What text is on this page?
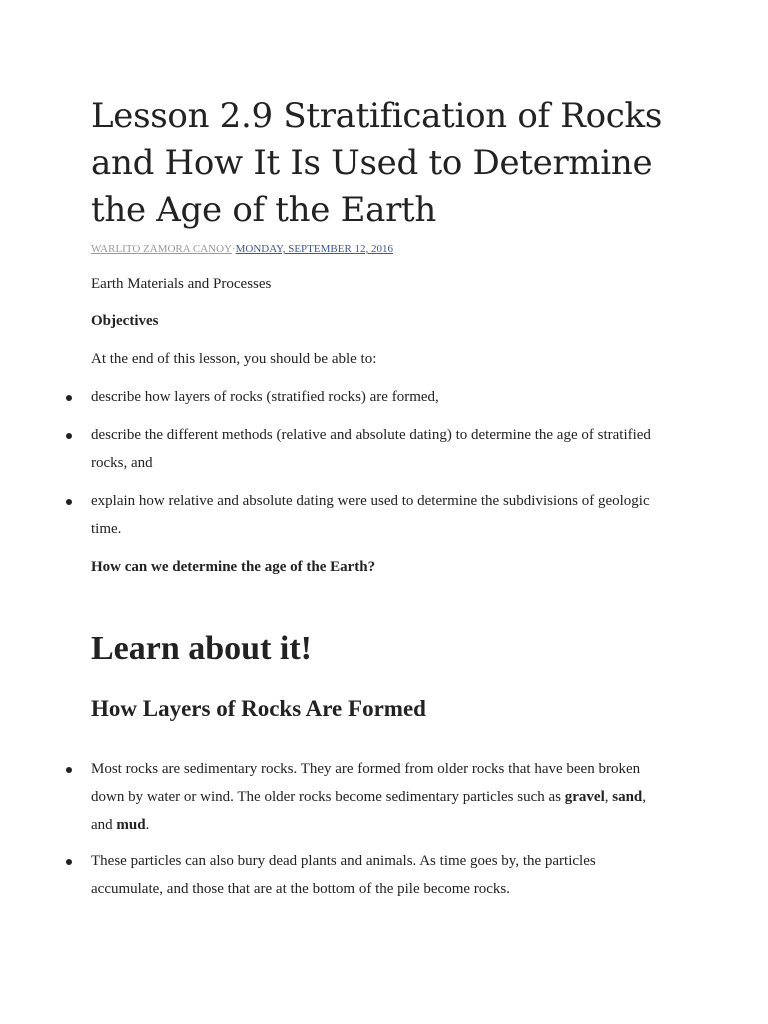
Lesson 2.9 Stratification of Rocks and How It Is Used to Determine the Age of the Earth
WARLITO ZAMORA CANOY·MONDAY, SEPTEMBER 12, 2016

Earth Materials and Processes

Objectives

At the end of this lesson, you should be able to:

describe how layers of rocks (stratified rocks) are formed,

describe the different methods (relative and absolute dating) to determine the age of stratified rocks, and

explain how relative and absolute dating were used to determine the subdivisions of geologic time.

How can we determine the age of the Earth?

Learn about it!
How Layers of Rocks Are Formed

Most rocks are sedimentary rocks. They are formed from older rocks that have been broken down by water or wind. The older rocks become sedimentary particles such as gravel, sand, and mud.

These particles can also bury dead plants and animals. As time goes by, the particles accumulate, and those that are at the bottom of the pile become rocks.
